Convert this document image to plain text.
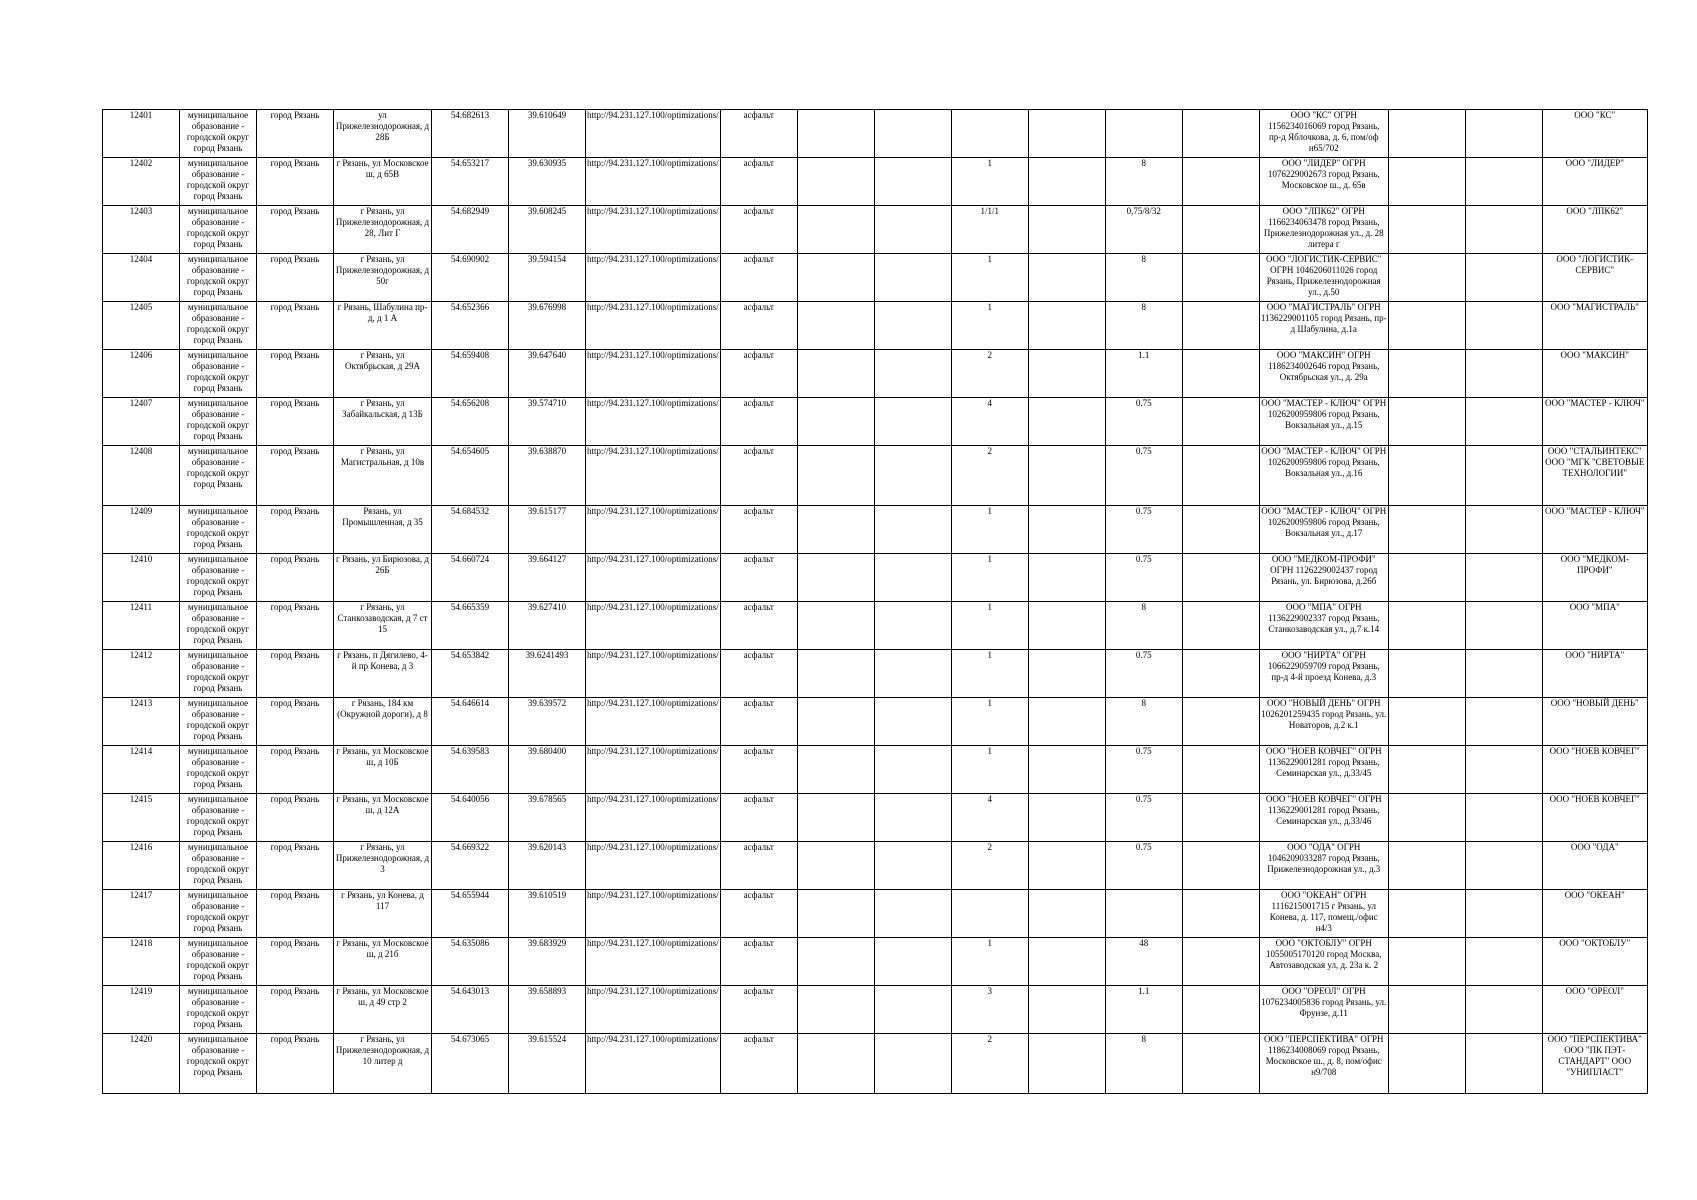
12401	муниципальное образование - городской округ город Рязань	город Рязань	ул Прижелезнодорожная, д 28Б	54.682613	39.610649	http://94.231.127.100/optimizations/	асфальт							ООО "КС" ОГРН 1156234016069 город Рязань, пр-д Яблочкова, д. 6, пом/оф н65/702			ООО "КС"
12402	муниципальное образование - городской округ город Рязань	город Рязань	г Рязань, ул Московское ш, д 65В	54.653217	39.630935	http://94.231.127.100/optimizations/	асфальт			1		8		ООО "ЛИДЕР" ОГРН 1076229002673 город Рязань, Московское ш., д. 65в			ООО "ЛИДЕР"
12403	муниципальное образование - городской округ город Рязань	город Рязань	г Рязань, ул Прижелезнодорожная, д 28, Лит Г	54.682949	39.608245	http://94.231.127.100/optimizations/	асфальт			1/1/1		0,75/8/32		ООО "ЛПК62" ОГРН 1166234063478 город Рязань, Прижелезнодорожная ул., д. 28 литера г			ООО "ЛПК62"
12404	муниципальное образование - городской округ город Рязань	город Рязань	г Рязань, ул Прижелезнодорожная, д 50г	54.690902	39.594154	http://94.231.127.100/optimizations/	асфальт			1		8		ООО "ЛОГИСТИК-СЕРВИС" ОГРН 1046206011026 город Рязань, Прижелезнодорожная ул., д.50			ООО "ЛОГИСТИК-СЕРВИС"
12405	муниципальное образование - городской округ город Рязань	город Рязань	г Рязань, Шабулина пр-д, д 1 А	54.652366	39.676998	http://94.231.127.100/optimizations/	асфальт			1		8		ООО "МАГИСТРАЛЬ" ОГРН 1136229001105 город Рязань, пр-д Шабулина, д.1а			ООО "МАГИСТРАЛЬ"
12406	муниципальное образование - городской округ город Рязань	город Рязань	г Рязань, ул Октябрьская, д 29А	54.659408	39.647640	http://94.231.127.100/optimizations/	асфальт			2		1.1		ООО "МАКСИН" ОГРН 1186234002646 город Рязань, Октябрьская ул., д. 29а			ООО "МАКСИН"
12407	муниципальное образование - городской округ город Рязань	город Рязань	г Рязань, ул Забайкальская, д 13Б	54.656208	39.574710	http://94.231.127.100/optimizations/	асфальт			4		0.75		ООО "МАСТЕР - КЛЮЧ" ОГРН 1026200959806 город Рязань, Вокзальная ул., д.15			ООО "МАСТЕР - КЛЮЧ"
12408	муниципальное образование - городской округ город Рязань	город Рязань	г Рязань, ул Магистральная, д 10в	54.654605	39.638870	http://94.231.127.100/optimizations/	асфальт			2		0.75		ООО "МАСТЕР - КЛЮЧ" ОГРН 1026200959806 город Рязань, Вокзальная ул., д.16			ООО "СТАЛЬИНТЕКС" ООО "МГК "СВЕТОВЫЕ ТЕХНОЛОГИИ"
12409	муниципальное образование - городской округ город Рязань	город Рязань	Рязань, ул Промышленная, д 35	54.684532	39.615177	http://94.231.127.100/optimizations/	асфальт			1		0.75		ООО "МАСТЕР - КЛЮЧ" ОГРН 1026200959806 город Рязань, Вокзальная ул., д.17			ООО "МАСТЕР - КЛЮЧ"
12410	муниципальное образование - городской округ город Рязань	город Рязань	г Рязань, ул Бирюзова, д 26Б	54.660724	39.664127	http://94.231.127.100/optimizations/	асфальт			1		0.75		ООО "МЕДКОМ-ПРОФИ" ОГРН 1126229002437 город Рязань, ул. Бирюзова, д.26б			ООО "МЕДКОМ-ПРОФИ"
12411	муниципальное образование - городской округ город Рязань	город Рязань	г Рязань, ул Станкозаводская, д 7 ст 15	54.665359	39.627410	http://94.231.127.100/optimizations/	асфальт			1		8		ООО "МПА" ОГРН 1136229002337 город Рязань, Станкозаводская ул., д.7 к.14			ООО "МПА"
12412	муниципальное образование - городской округ город Рязань	город Рязань	г Рязань, п Дягилево, 4-й пр Конева, д 3	54.653842	39.6241493	http://94.231.127.100/optimizations/	асфальт			1		0.75		ООО "НИРТА" ОГРН 1066229059709 город Рязань, пр-д 4-й проезд Конева, д.3			ООО "НИРТА"
12413	муниципальное образование - городской округ город Рязань	город Рязань	г Рязань, 184 км (Окружной дороги), д 8	54.646614	39.639572	http://94.231.127.100/optimizations/	асфальт			1		8		ООО "НОВЫЙ ДЕНЬ" ОГРН 1026201259435 город Рязань, ул. Новаторов, д.2 к.1			ООО "НОВЫЙ ДЕНЬ"
12414	муниципальное образование - городской округ город Рязань	город Рязань	г Рязань, ул Московское ш, д 10Б	54.639583	39.680400	http://94.231.127.100/optimizations/	асфальт			1		0.75		ООО "НОЕВ КОВЧЕГ" ОГРН 1136229001281 город Рязань, Семинарская ул., д.33/45			ООО "НОЕВ КОВЧЕГ"
12415	муниципальное образование - городской округ город Рязань	город Рязань	г Рязань, ул Московское ш, д 12А	54.640056	39.678565	http://94.231.127.100/optimizations/	асфальт			4		0.75		ООО "НОЕВ КОВЧЕГ" ОГРН 1136229001281 город Рязань, Семинарская ул., д.33/46			ООО "НОЕВ КОВЧЕГ"
12416	муниципальное образование - городской округ город Рязань	город Рязань	г Рязань, ул Прижелезнодорожная, д 3	54.669322	39.620143	http://94.231.127.100/optimizations/	асфальт			2		0.75		ООО "ОДА" ОГРН 1046209033287 город Рязань, Прижелезнодорожная ул., д.3			ООО "ОДА"
12417	муниципальное образование - городской округ город Рязань	город Рязань	г Рязань, ул Конева, д 117	54.655944	39.610519	http://94.231.127.100/optimizations/	асфальт							ООО "ОКЕАН" ОГРН 1116215001715 г Рязань, ул Конева, д. 117, помещ./офис н4/3			ООО "ОКЕАН"
12418	муниципальное образование - городской округ город Рязань	город Рязань	г Рязань, ул Московское ш, д 21б	54.635086	39.683929	http://94.231.127.100/optimizations/	асфальт			1		48		ООО "ОКТОБЛУ" ОГРН 1055005170120 город Москва, Автозаводская ул, д. 23а к. 2			ООО "ОКТОБЛУ"
12419	муниципальное образование - городской округ город Рязань	город Рязань	г Рязань, ул Московское ш, д 49 стр 2	54.643013	39.658893	http://94.231.127.100/optimizations/	асфальт			3		1.1		ООО "ОРЕОЛ" ОГРН 1076234005836 город Рязань, ул. Фрунзе, д.11			ООО "ОРЕОЛ"
12420	муниципальное образование - городской округ город Рязань	город Рязань	г Рязань, ул Прижелезнодорожная, д 10 литер д	54.673065	39.615524	http://94.231.127.100/optimizations/	асфальт			2		8		ООО "ПЕРСПЕКТИВА" ОГРН 1186234008069 город Рязань, Московское ш., д. 8, пом/офис н9/708			ООО "ПЕРСПЕКТИВА" ООО "ПК ПЭТ-СТАНДАРТ" ООО "УНИПЛАСТ"
